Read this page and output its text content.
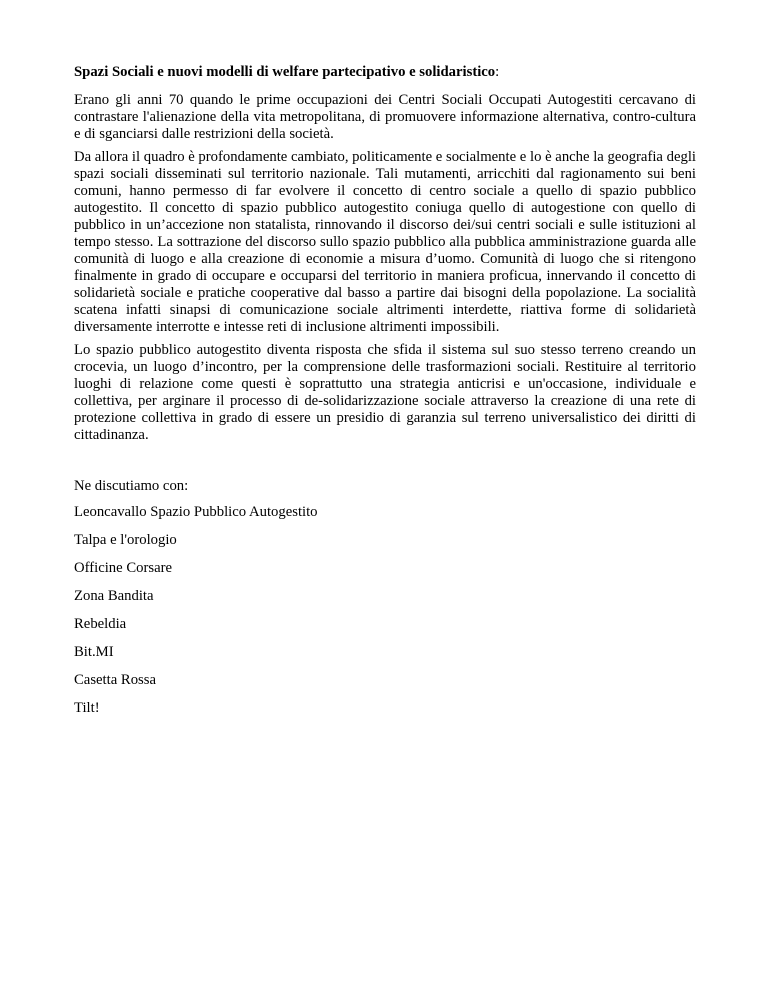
Spazi Sociali e nuovi modelli di welfare partecipativo e solidaristico:

Erano gli anni 70 quando le prime occupazioni dei Centri Sociali Occupati Autogestiti cercavano di contrastare l'alienazione della vita metropolitana, di promuovere informazione alternativa, contro-cultura e di sganciarsi dalle restrizioni della società.

Da allora il quadro è profondamente cambiato, politicamente e socialmente e lo è anche la geografia degli spazi sociali disseminati sul territorio nazionale. Tali mutamenti, arricchiti dal ragionamento sui beni comuni, hanno permesso di far evolvere il concetto di centro sociale a quello di spazio pubblico autogestito. Il concetto di spazio pubblico autogestito coniuga quello di autogestione con quello di pubblico in un’accezione non statalista, rinnovando il discorso dei/sui centri sociali e sulle istituzioni al tempo stesso. La sottrazione del discorso sullo spazio pubblico alla pubblica amministrazione guarda alle comunità di luogo e alla creazione di economie a misura d’uomo. Comunità di luogo che si ritengono finalmente in grado di occupare e occuparsi del territorio in maniera proficua, innervando il concetto di solidarietà sociale e pratiche cooperative dal basso a partire dai bisogni della popolazione. La socialità scatena infatti sinapsi di comunicazione sociale altrimenti interdette, riattiva forme di solidarietà diversamente interrotte e intesse reti di inclusione altrimenti impossibili.

Lo spazio pubblico autogestito diventa risposta che sfida il sistema sul suo stesso terreno creando un crocevia, un luogo d’incontro, per la comprensione delle trasformazioni sociali. Restituire al territorio luoghi di relazione come questi è soprattutto una strategia anticrisi e un'occasione, individuale e collettiva, per arginare il processo di de-solidarizzazione sociale attraverso la creazione di una rete di protezione collettiva in grado di essere un presidio di garanzia sul terreno universalistico dei diritti di cittadinanza.

Ne discutiamo con:

Leoncavallo Spazio Pubblico Autogestito
Talpa e l'orologio
Officine Corsare
Zona Bandita
Rebeldia
Bit.MI
Casetta Rossa
Tilt!
